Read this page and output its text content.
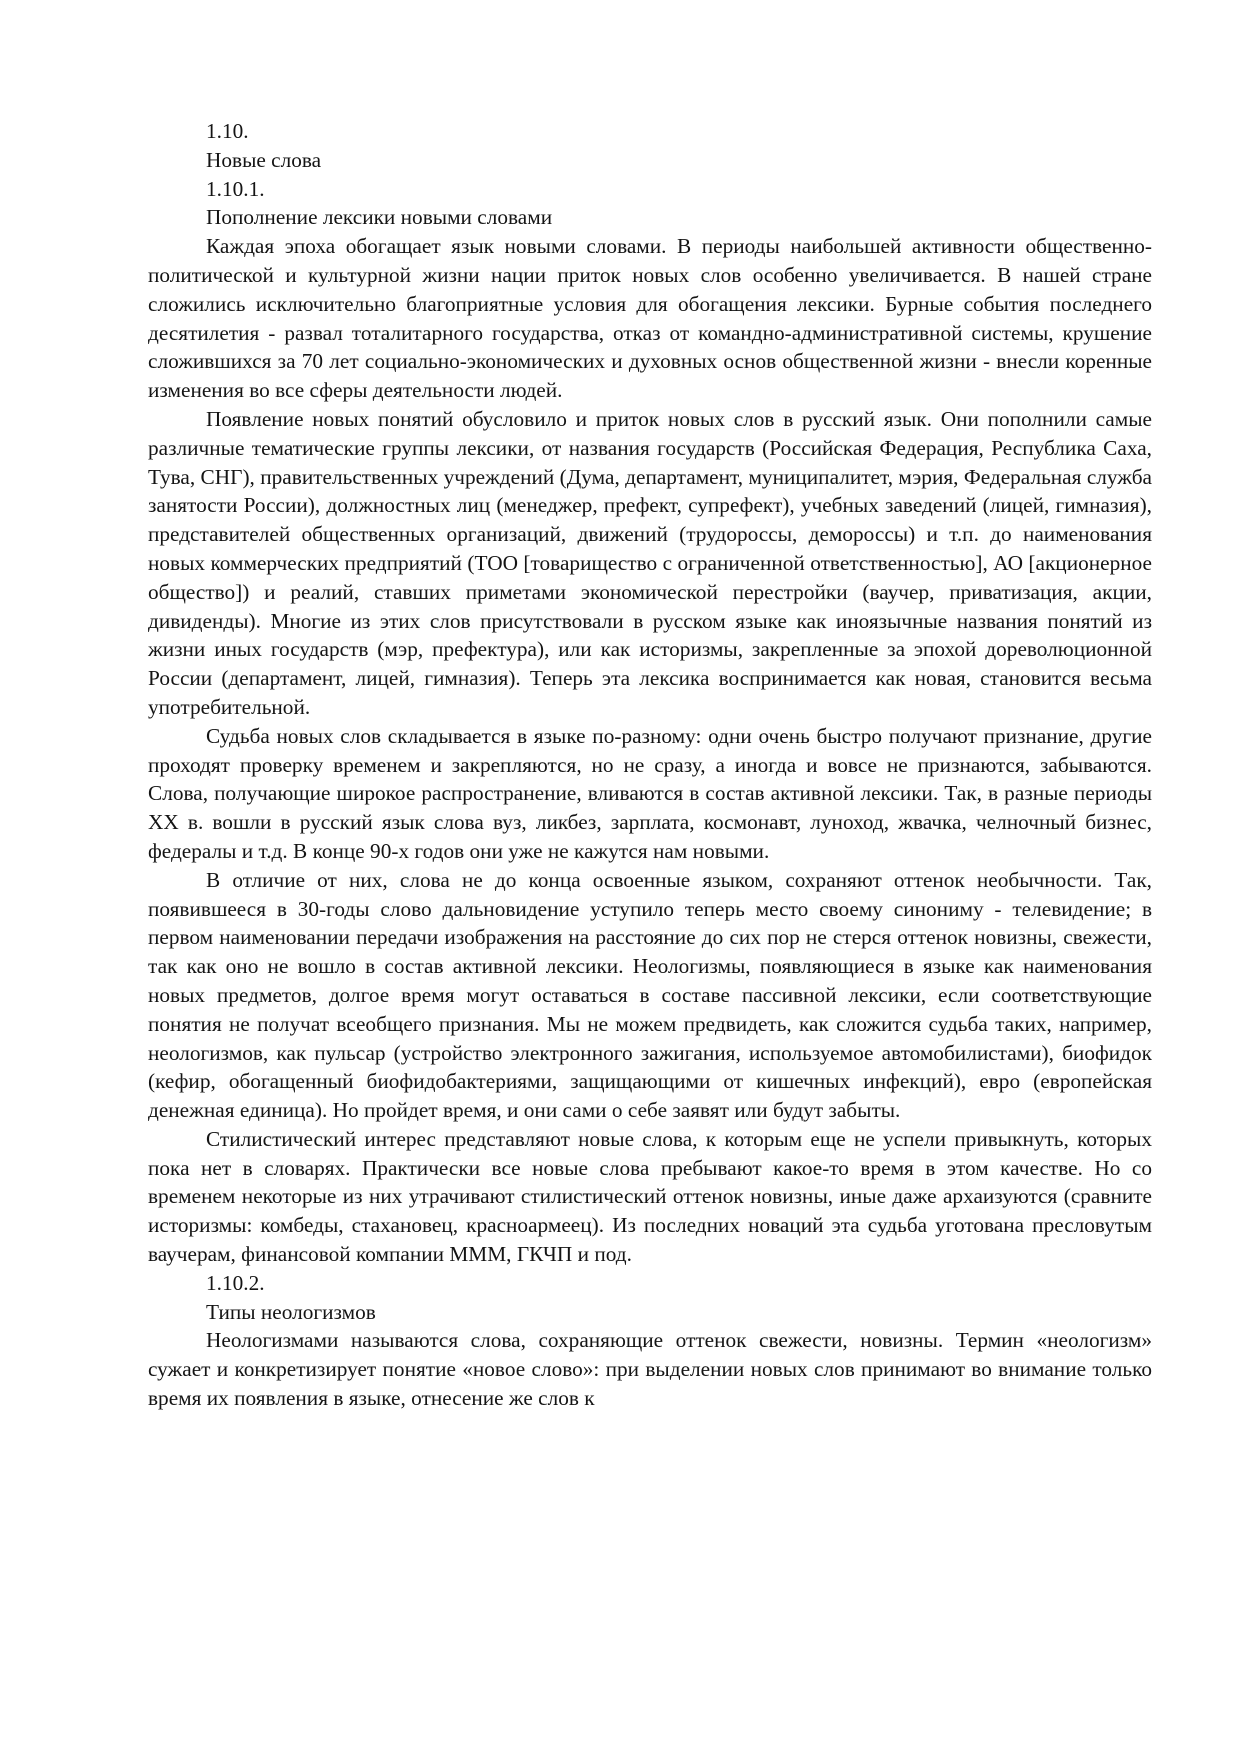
1.10.

Новые слова

1.10.1.

Пополнение лексики новыми словами

Каждая эпоха обогащает язык новыми словами. В периоды наибольшей активности общественно-политической и культурной жизни нации приток новых слов особенно увеличивается. В нашей стране сложились исключительно благоприятные условия для обогащения лексики. Бурные события последнего десятилетия - развал тоталитарного государства, отказ от командно-административной системы, крушение сложившихся за 70 лет социально-экономических и духовных основ общественной жизни - внесли коренные изменения во все сферы деятельности людей.

Появление новых понятий обусловило и приток новых слов в русский язык. Они пополнили самые различные тематические группы лексики, от названия государств (Российская Федерация, Республика Саха, Тува, СНГ), правительственных учреждений (Дума, департамент, муниципалитет, мэрия, Федеральная служба занятости России), должностных лиц (менеджер, префект, супрефект), учебных заведений (лицей, гимназия), представителей общественных организаций, движений (трудороссы, демороссы) и т.п. до наименования новых коммерческих предприятий (ТОО [товарищество с ограниченной ответственностью], АО [акционерное общество]) и реалий, ставших приметами экономической перестройки (ваучер, приватизация, акции, дивиденды). Многие из этих слов присутствовали в русском языке как иноязычные названия понятий из жизни иных государств (мэр, префектура), или как историзмы, закрепленные за эпохой дореволюционной России (департамент, лицей, гимназия). Теперь эта лексика воспринимается как новая, становится весьма употребительной.

Судьба новых слов складывается в языке по-разному: одни очень быстро получают признание, другие проходят проверку временем и закрепляются, но не сразу, а иногда и вовсе не признаются, забываются. Слова, получающие широкое распространение, вливаются в состав активной лексики. Так, в разные периоды XX в. вошли в русский язык слова вуз, ликбез, зарплата, космонавт, луноход, жвачка, челночный бизнес, федералы и т.д. В конце 90-х годов они уже не кажутся нам новыми.

В отличие от них, слова не до конца освоенные языком, сохраняют оттенок необычности. Так, появившееся в 30-годы слово дальновидение уступило теперь место своему синониму - телевидение; в первом наименовании передачи изображения на расстояние до сих пор не стерся оттенок новизны, свежести, так как оно не вошло в состав активной лексики. Неологизмы, появляющиеся в языке как наименования новых предметов, долгое время могут оставаться в составе пассивной лексики, если соответствующие понятия не получат всеобщего признания. Мы не можем предвидеть, как сложится судьба таких, например, неологизмов, как пульсар (устройство электронного зажигания, используемое автомобилистами), биофидок (кефир, обогащенный биофидобактериями, защищающими от кишечных инфекций), евро (европейская денежная единица). Но пройдет время, и они сами о себе заявят или будут забыты.

Стилистический интерес представляют новые слова, к которым еще не успели привыкнуть, которых пока нет в словарях. Практически все новые слова пребывают какое-то время в этом качестве. Но со временем некоторые из них утрачивают стилистический оттенок новизны, иные даже архаизуются (сравните историзмы: комбеды, стахановец, красноармеец). Из последних новаций эта судьба уготована пресловутым ваучерам, финансовой компании МММ, ГКЧП и под.

1.10.2.

Типы неологизмов

Неологизмами называются слова, сохраняющие оттенок свежести, новизны. Термин «неологизм» сужает и конкретизирует понятие «новое слово»: при выделении новых слов принимают во внимание только время их появления в языке, отнесение же слов к
